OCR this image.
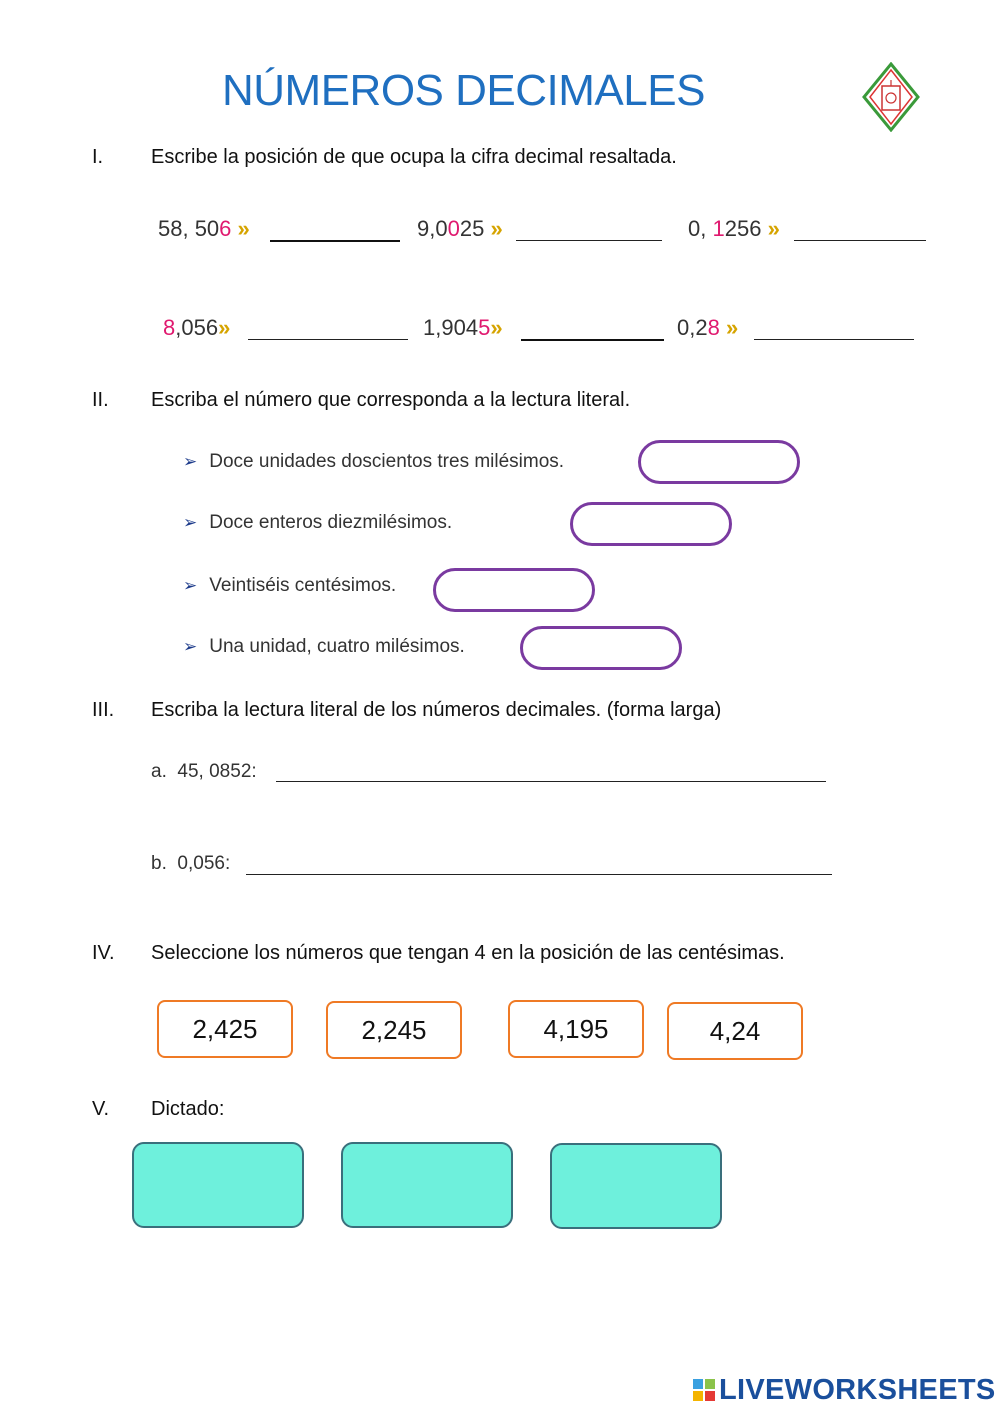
NÚMEROS DECIMALES
I. Escribe la posición de que ocupa la cifra decimal resaltada.
58, 506 »	9,0025 »	0, 1256 »
8,056»	1,9045»	0,28 »
II. Escriba el número que corresponda a la lectura literal.
➢ Doce unidades doscientos tres milésimos.
➢ Doce enteros diezmilésimos.
➢ Veintiséis centésimos.
➢ Una unidad, cuatro milésimos.
III. Escriba la lectura literal de los números decimales. (forma larga)
a. 45, 0852:
b. 0,056:
IV. Seleccione los números que tengan 4 en la posición de las centésimas.
2,425	2,245	4,195	4,24
V. Dictado:
LIVEWORKSHEETS
